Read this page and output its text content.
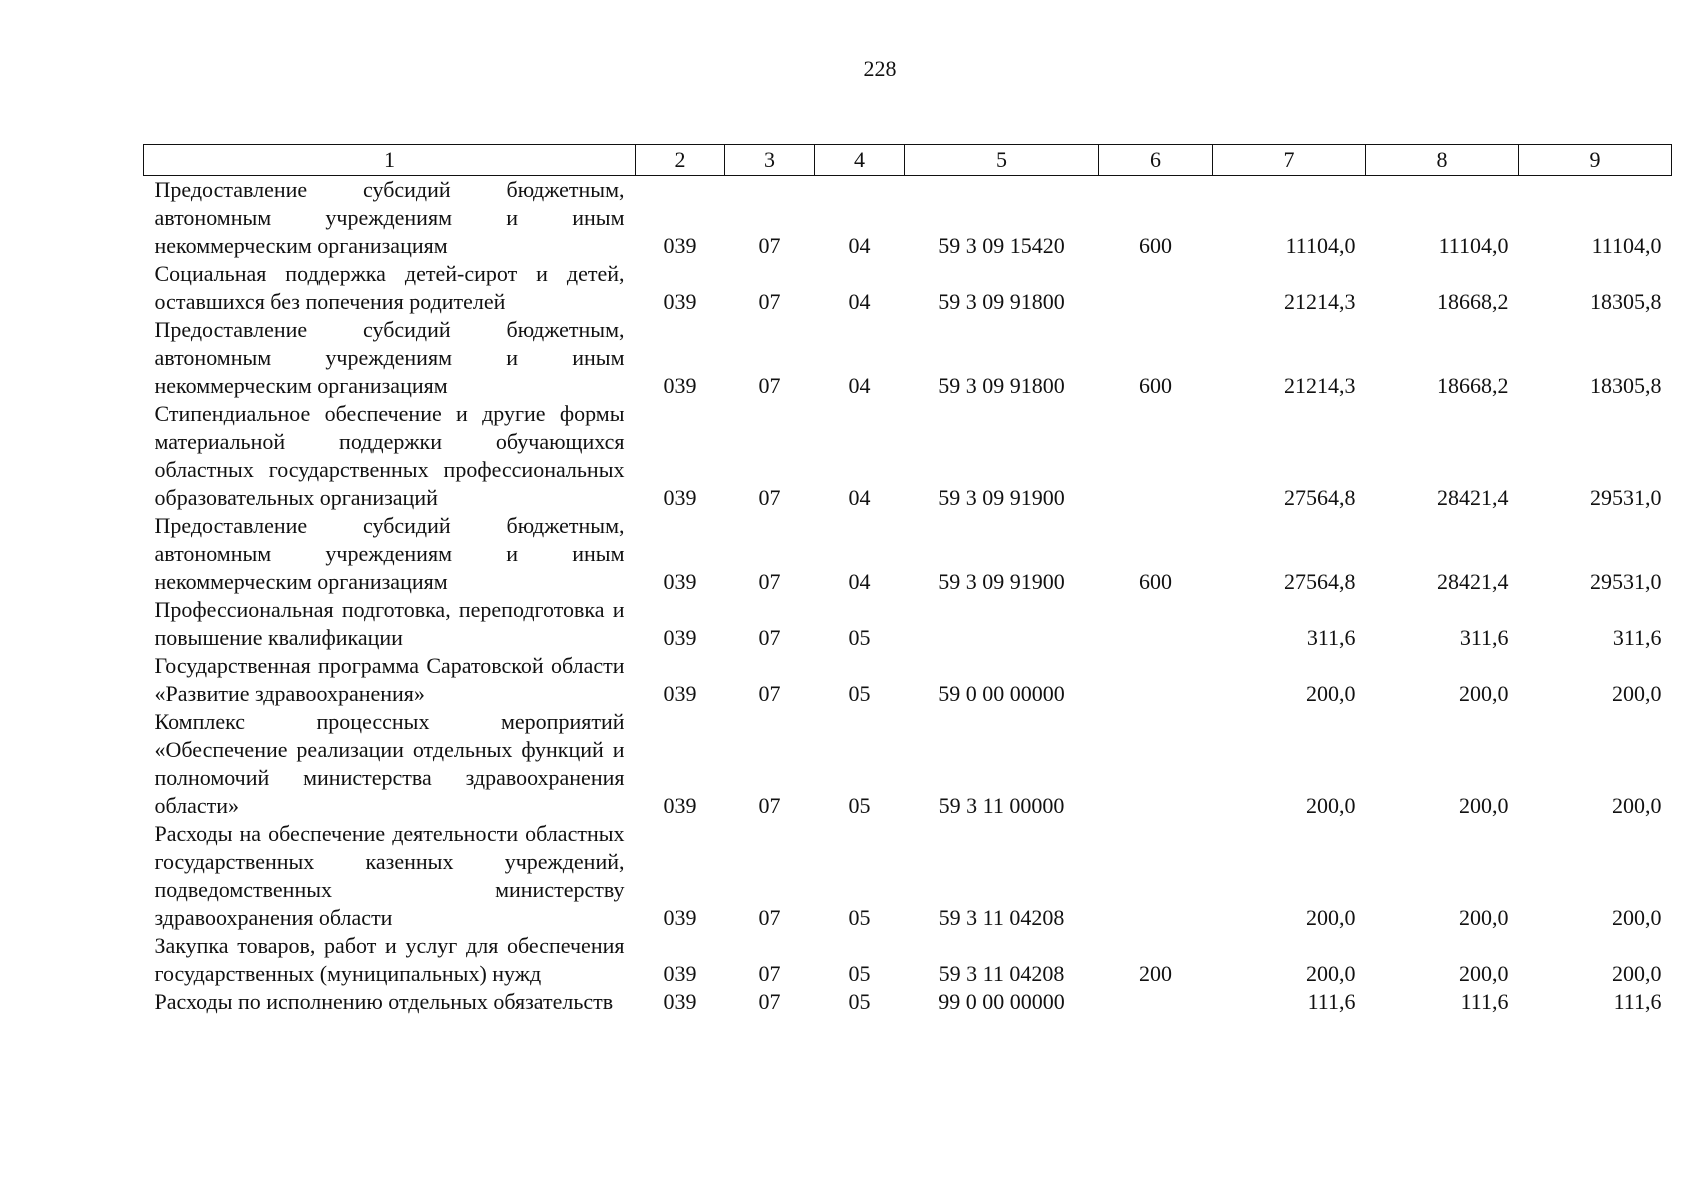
228
1	2	3	4	5	6	7	8	9
Предоставление субсидий бюджетным, автономным учреждениям и иным некоммерческим организациям	039	07	04	59 3 09 15420	600	11104,0	11104,0	11104,0
Социальная поддержка детей-сирот и детей, оставшихся без попечения родителей	039	07	04	59 3 09 91800		21214,3	18668,2	18305,8
Предоставление субсидий бюджетным, автономным учреждениям и иным некоммерческим организациям	039	07	04	59 3 09 91800	600	21214,3	18668,2	18305,8
Стипендиальное обеспечение и другие формы материальной поддержки обучающихся областных государственных профессиональных образовательных организаций	039	07	04	59 3 09 91900		27564,8	28421,4	29531,0
Предоставление субсидий бюджетным, автономным учреждениям и иным некоммерческим организациям	039	07	04	59 3 09 91900	600	27564,8	28421,4	29531,0
Профессиональная подготовка, переподготовка и повышение квалификации	039	07	05			311,6	311,6	311,6
Государственная программа Саратовской области «Развитие здравоохранения»	039	07	05	59 0 00 00000		200,0	200,0	200,0
Комплекс процессных мероприятий «Обеспечение реализации отдельных функций и полномочий министерства здравоохранения области»	039	07	05	59 3 11 00000		200,0	200,0	200,0
Расходы на обеспечение деятельности областных государственных казенных учреждений, подведомственных министерству здравоохранения области	039	07	05	59 3 11 04208		200,0	200,0	200,0
Закупка товаров, работ и услуг для обеспечения государственных (муниципальных) нужд	039	07	05	59 3 11 04208	200	200,0	200,0	200,0
Расходы по исполнению отдельных обязательств	039	07	05	99 0 00 00000		111,6	111,6	111,6
